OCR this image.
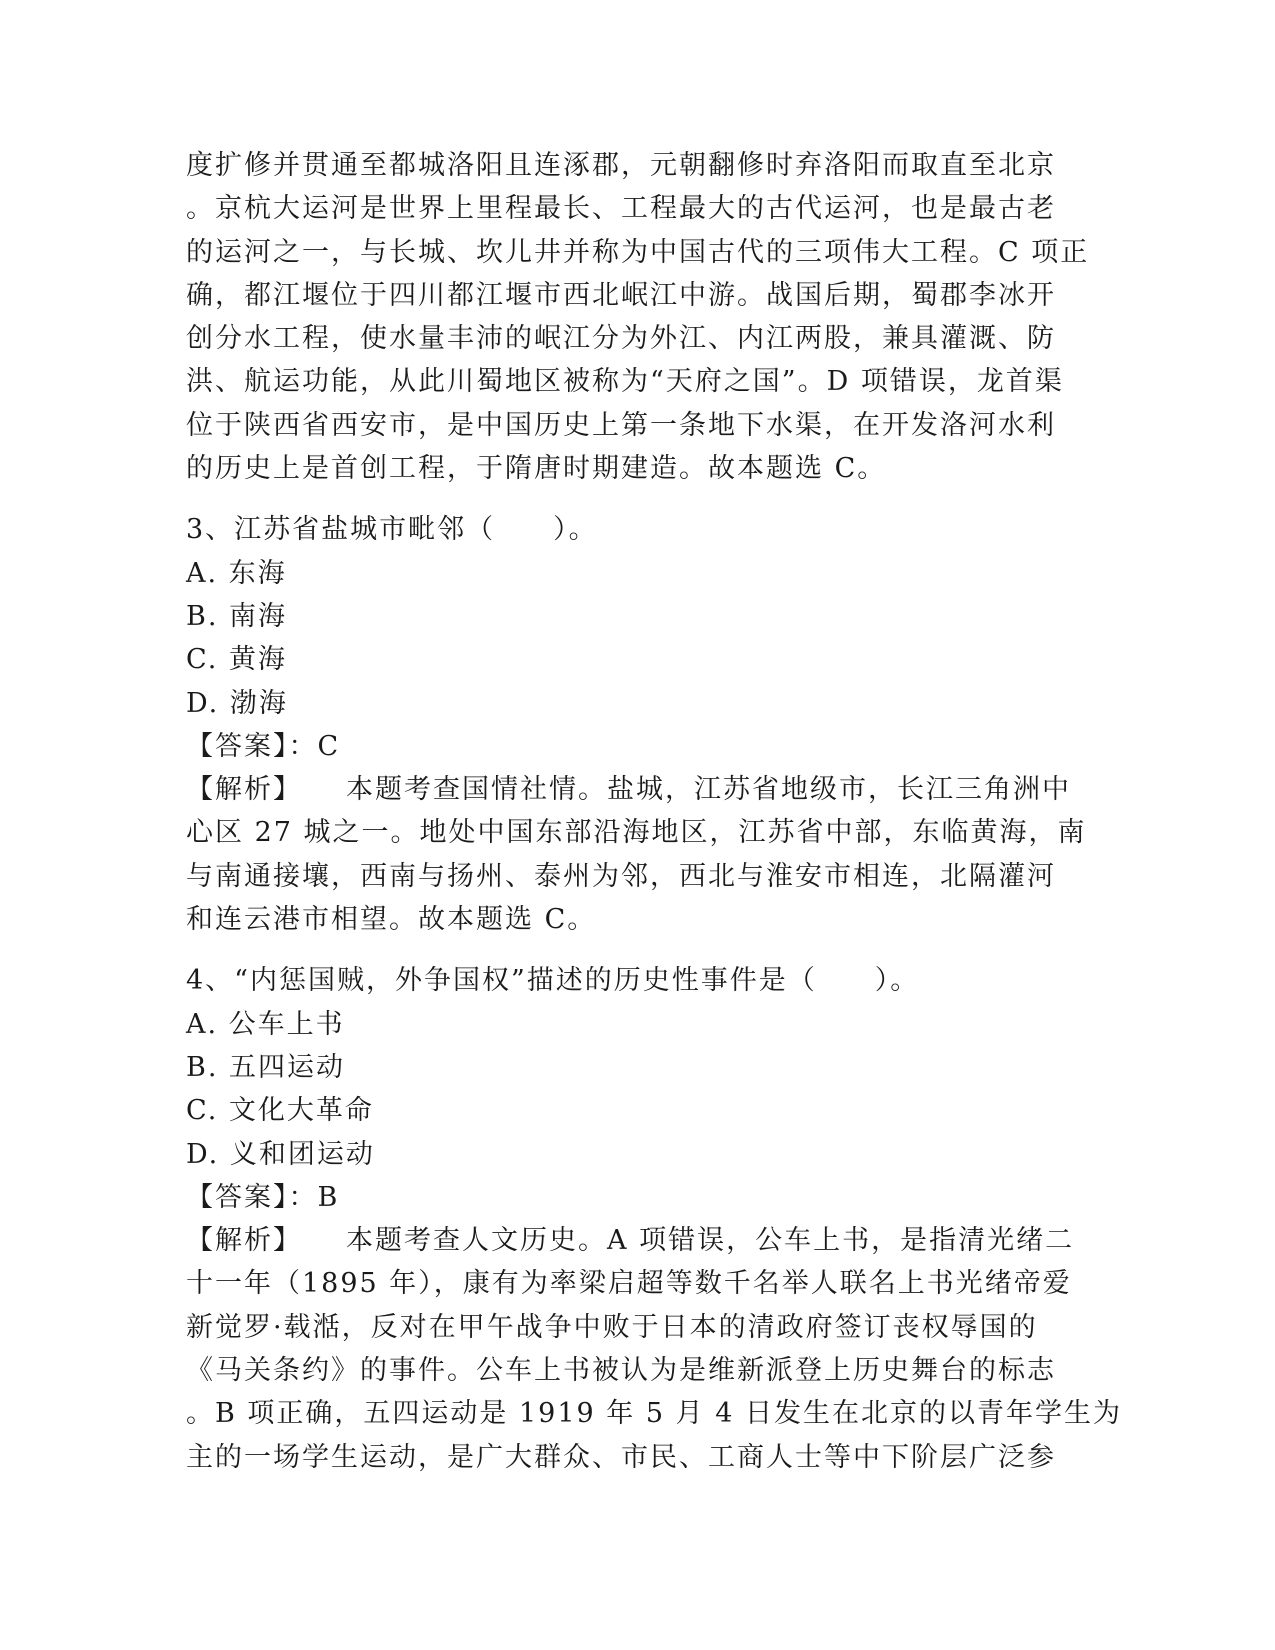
度扩修并贯通至都城洛阳且连涿郡，元朝翻修时弃洛阳而取直至北京
。京杭大运河是世界上里程最长、工程最大的古代运河，也是最古老
的运河之一，与长城、坎儿井并称为中国古代的三项伟大工程。C 项正
确，都江堰位于四川都江堰市西北岷江中游。战国后期，蜀郡李冰开
创分水工程，使水量丰沛的岷江分为外江、内江两股，兼具灌溉、防
洪、航运功能，从此川蜀地区被称为“天府之国”。D 项错误，龙首渠
位于陕西省西安市，是中国历史上第一条地下水渠，在开发洛河水利
的历史上是首创工程，于隋唐时期建造。故本题选 C。
3、江苏省盐城市毗邻（　　）。
A. 东海
B. 南海
C. 黄海
D. 渤海
【答案】：C
【解析】 本题考查国情社情。盐城，江苏省地级市，长江三角洲中
心区 27 城之一。地处中国东部沿海地区，江苏省中部，东临黄海，南
与南通接壤，西南与扬州、泰州为邻，西北与淮安市相连，北隔灌河
和连云港市相望。故本题选 C。
4、“内惩国贼，外争国权”描述的历史性事件是（　　）。
A. 公车上书
B. 五四运动
C. 文化大革命
D. 义和团运动
【答案】：B
【解析】 本题考查人文历史。A 项错误，公车上书，是指清光绪二
十一年（1895 年），康有为率梁启超等数千名举人联名上书光绪帝爱
新觉罗·载湉，反对在甲午战争中败于日本的清政府签订丧权辱国的
《马关条约》的事件。公车上书被认为是维新派登上历史舞台的标志
。B 项正确，五四运动是 1919 年 5 月 4 日发生在北京的以青年学生为
主的一场学生运动，是广大群众、市民、工商人士等中下阶层广泛参
